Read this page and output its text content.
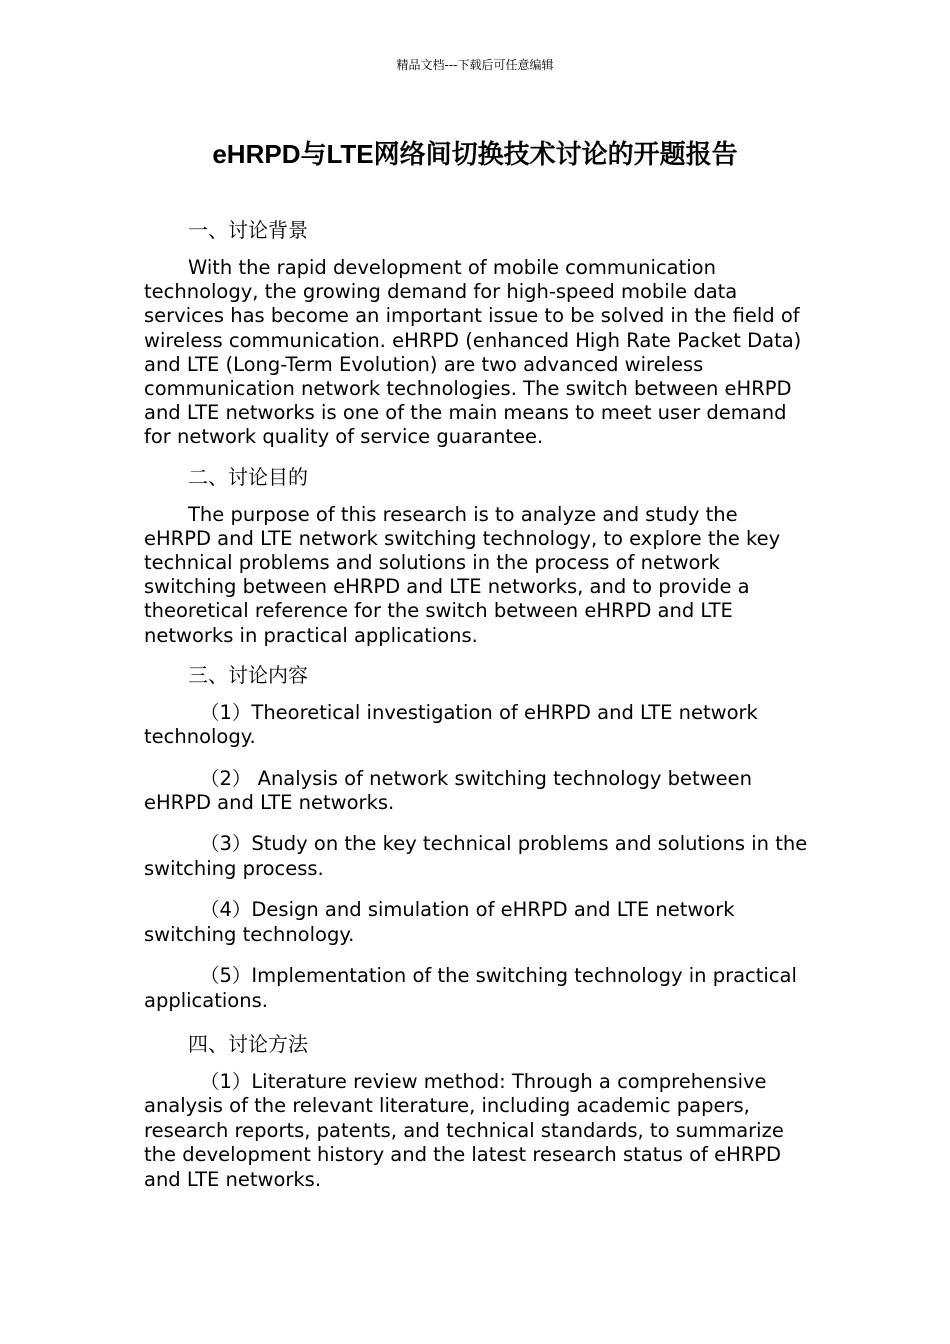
精品文档---下载后可任意编辑
eHRPD与LTE网络间切换技术讨论的开题报告
一、讨论背景

With the rapid development of mobile communication technology, the growing demand for high-speed mobile data services has become an important issue to be solved in the field of wireless communication. eHRPD (enhanced High Rate Packet Data) and LTE (Long-Term Evolution) are two advanced wireless communication network technologies. The switch between eHRPD and LTE networks is one of the main means to meet user demand for network quality of service guarantee.

二、讨论目的

The purpose of this research is to analyze and study the eHRPD and LTE network switching technology, to explore the key technical problems and solutions in the process of network switching between eHRPD and LTE networks, and to provide a theoretical reference for the switch between eHRPD and LTE networks in practical applications.

三、讨论内容

（1）Theoretical investigation of eHRPD and LTE network technology.

（2） Analysis of network switching technology between eHRPD and LTE networks.

（3）Study on the key technical problems and solutions in the switching process.

（4）Design and simulation of eHRPD and LTE network switching technology.

（5）Implementation of the switching technology in practical applications.

四、讨论方法

（1）Literature review method: Through a comprehensive analysis of the relevant literature, including academic papers, research reports, patents, and technical standards, to summarize the development history and the latest research status of eHRPD and LTE networks.
